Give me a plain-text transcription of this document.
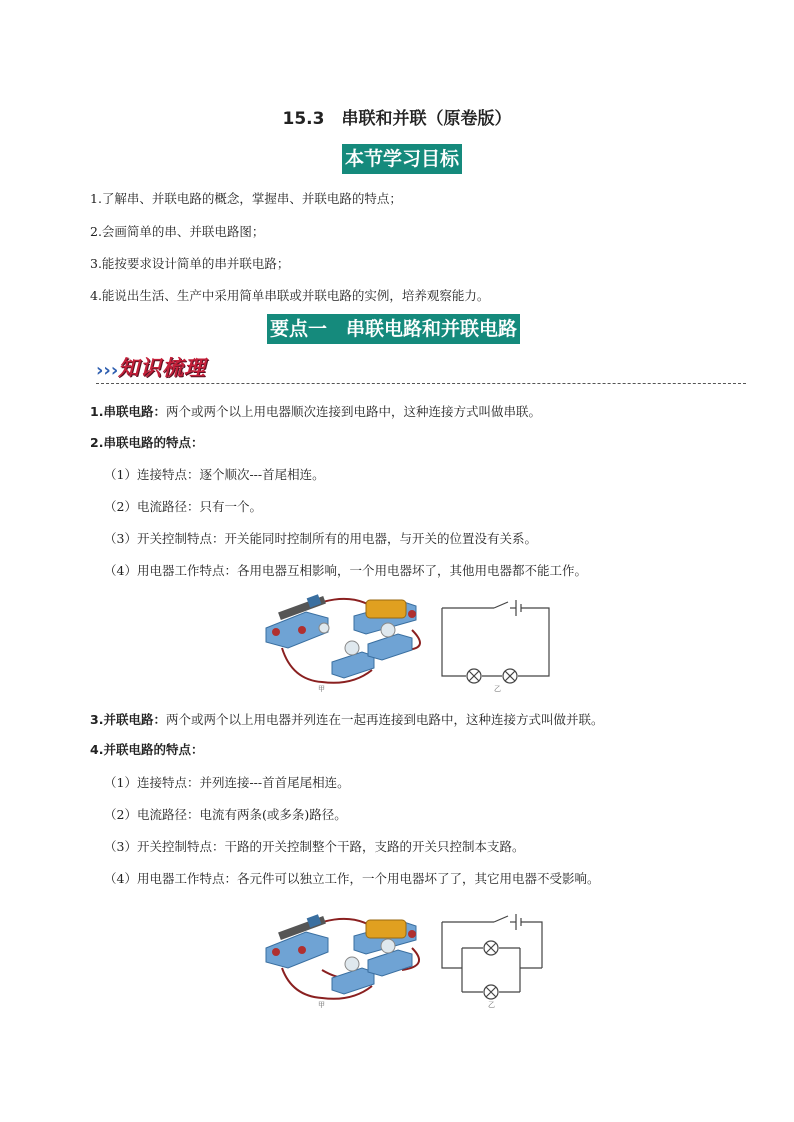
15.3　串联和并联（原卷版）
本节学习目标
1.了解串、并联电路的概念，掌握串、并联电路的特点；
2.会画简单的串、并联电路图；
3.能按要求设计简单的串并联电路；
4.能说出生活、生产中采用简单串联或并联电路的实例，培养观察能力。
要点一　串联电路和并联电路
››› 知识梳理
1.串联电路：两个或两个以上用电器顺次连接到电路中，这种连接方式叫做串联。
2.串联电路的特点：
（1）连接特点：逐个顺次---首尾相连。
（2）电流路径：只有一个。
（3）开关控制特点：开关能同时控制所有的用电器，与开关的位置没有关系。
（4）用电器工作特点：各用电器互相影响，一个用电器坏了，其他用电器都不能工作。
甲	乙
3.并联电路：两个或两个以上用电器并列连在一起再连接到电路中，这种连接方式叫做并联。
4.并联电路的特点：
（1）连接特点：并列连接---首首尾尾相连。
（2）电流路径：电流有两条(或多条)路径。
（3）开关控制特点：干路的开关控制整个干路，支路的开关只控制本支路。
（4）用电器工作特点：各元件可以独立工作，一个用电器坏了了，其它用电器不受影响。
甲	乙
